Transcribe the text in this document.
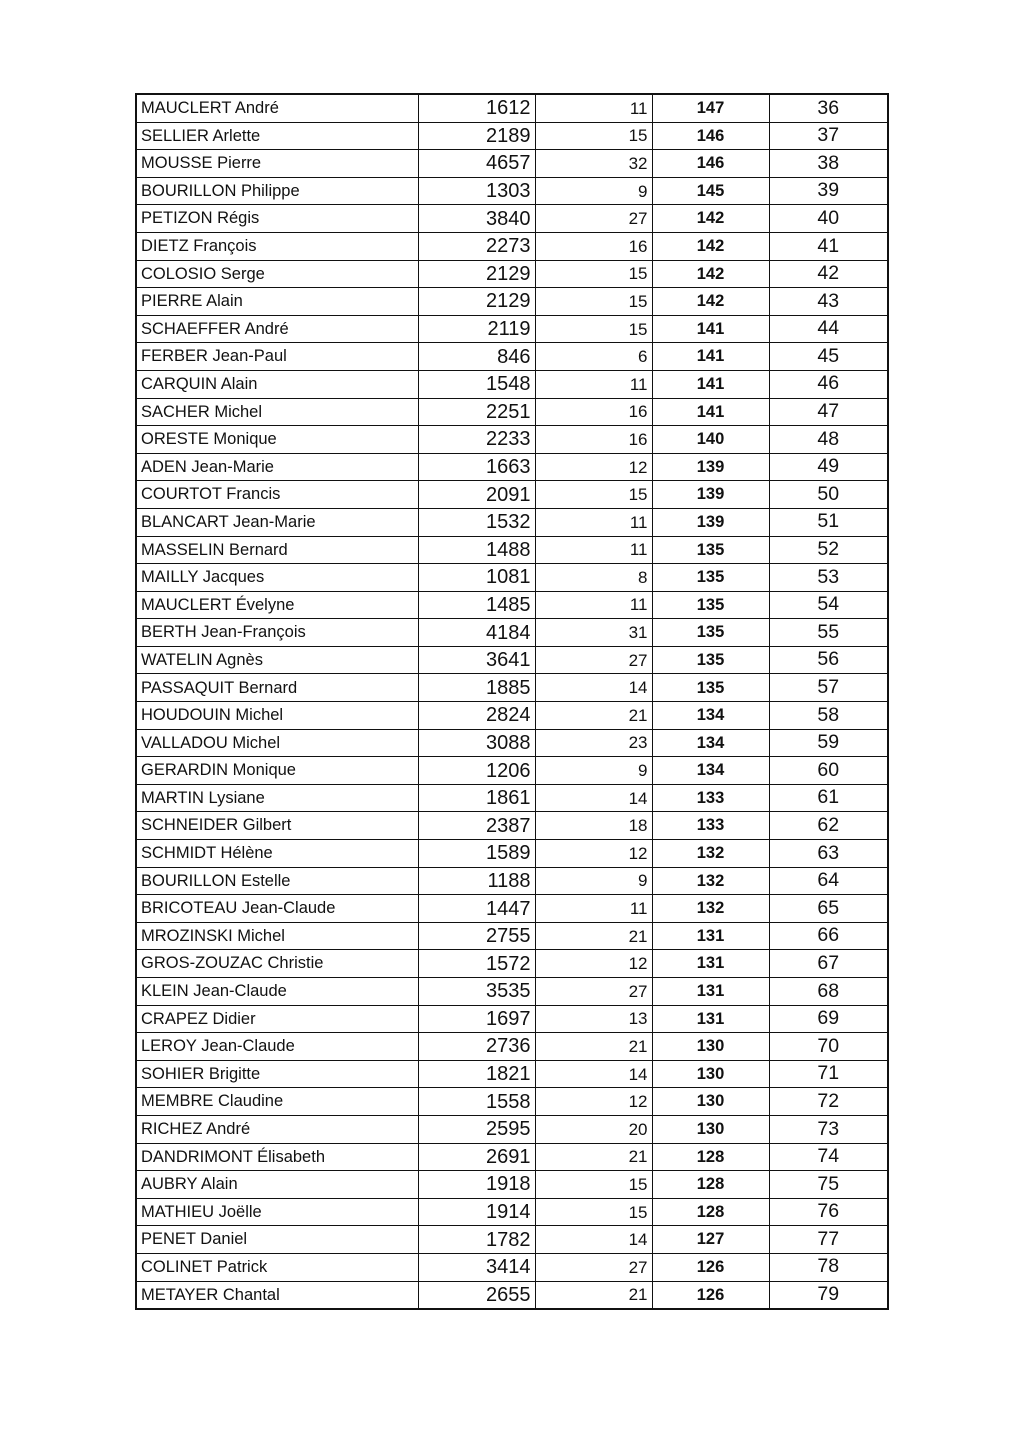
MAUCLERT André	1612	11	147	36
SELLIER Arlette	2189	15	146	37
MOUSSE Pierre	4657	32	146	38
BOURILLON Philippe	1303	9	145	39
PETIZON Régis	3840	27	142	40
DIETZ François	2273	16	142	41
COLOSIO Serge	2129	15	142	42
PIERRE Alain	2129	15	142	43
SCHAEFFER André	2119	15	141	44
FERBER Jean-Paul	846	6	141	45
CARQUIN Alain	1548	11	141	46
SACHER Michel	2251	16	141	47
ORESTE Monique	2233	16	140	48
ADEN Jean-Marie	1663	12	139	49
COURTOT Francis	2091	15	139	50
BLANCART Jean-Marie	1532	11	139	51
MASSELIN Bernard	1488	11	135	52
MAILLY Jacques	1081	8	135	53
MAUCLERT Évelyne	1485	11	135	54
BERTH Jean-François	4184	31	135	55
WATELIN Agnès	3641	27	135	56
PASSAQUIT Bernard	1885	14	135	57
HOUDOUIN Michel	2824	21	134	58
VALLADOU Michel	3088	23	134	59
GERARDIN Monique	1206	9	134	60
MARTIN Lysiane	1861	14	133	61
SCHNEIDER Gilbert	2387	18	133	62
SCHMIDT Hélène	1589	12	132	63
BOURILLON Estelle	1188	9	132	64
BRICOTEAU Jean-Claude	1447	11	132	65
MROZINSKI Michel	2755	21	131	66
GROS-ZOUZAC Christie	1572	12	131	67
KLEIN Jean-Claude	3535	27	131	68
CRAPEZ Didier	1697	13	131	69
LEROY Jean-Claude	2736	21	130	70
SOHIER Brigitte	1821	14	130	71
MEMBRE Claudine	1558	12	130	72
RICHEZ André	2595	20	130	73
DANDRIMONT Élisabeth	2691	21	128	74
AUBRY Alain	1918	15	128	75
MATHIEU Joëlle	1914	15	128	76
PENET Daniel	1782	14	127	77
COLINET Patrick	3414	27	126	78
METAYER Chantal	2655	21	126	79
